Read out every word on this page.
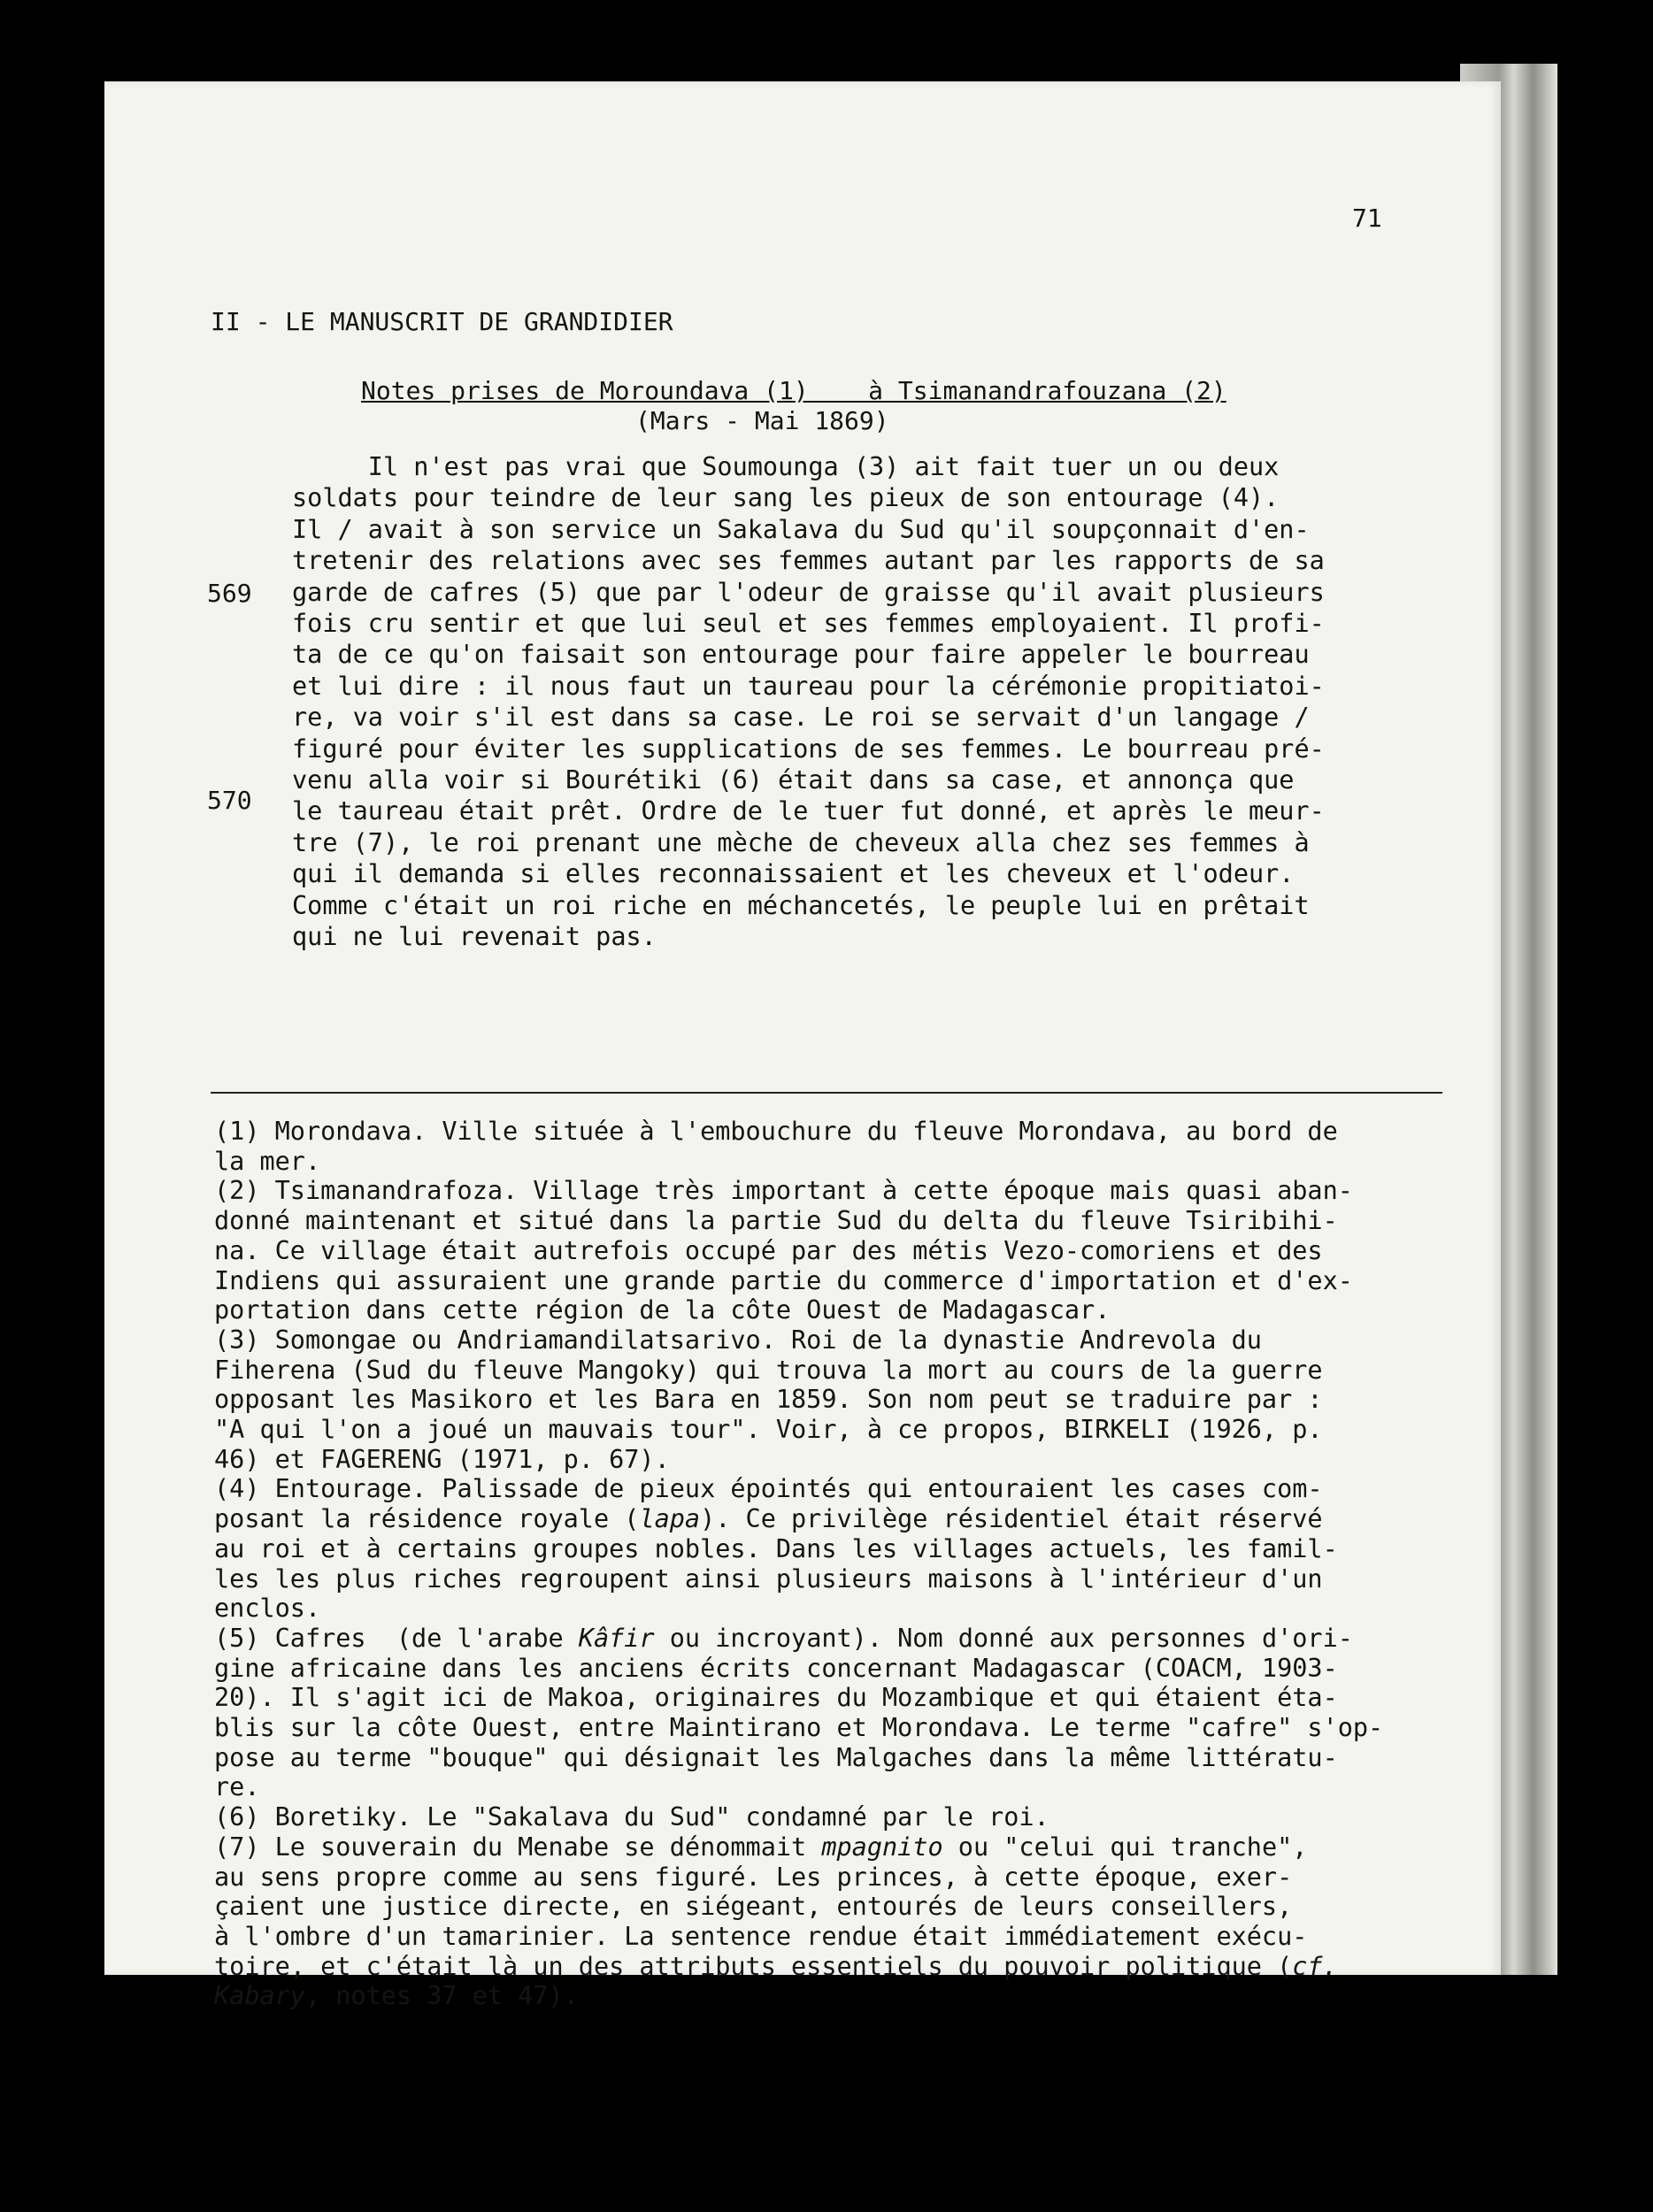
71
II - LE MANUSCRIT DE GRANDIDIER
Notes prises de Moroundava (1)    à Tsimanandrafouzana (2)
(Mars - Mai 1869)
569
570

Il n'est pas vrai que Soumounga (3) ait fait tuer un ou deux

soldats pour teindre de leur sang les pieux de son entourage (4).

Il / avait à son service un Sakalava du Sud qu'il soupçonnait d'en-

tretenir des relations avec ses femmes autant par les rapports de sa

garde de cafres (5) que par l'odeur de graisse qu'il avait plusieurs

fois cru sentir et que lui seul et ses femmes employaient. Il profi-

ta de ce qu'on faisait son entourage pour faire appeler le bourreau

et lui dire : il nous faut un taureau pour la cérémonie propitiatoi-

re, va voir s'il est dans sa case. Le roi se servait d'un langage /

figuré pour éviter les supplications de ses femmes. Le bourreau pré-

venu alla voir si Bourétiki (6) était dans sa case, et annonça que

le taureau était prêt. Ordre de le tuer fut donné, et après le meur-

tre (7), le roi prenant une mèche de cheveux alla chez ses femmes à

qui il demanda si elles reconnaissaient et les cheveux et l'odeur.

Comme c'était un roi riche en méchancetés, le peuple lui en prêtait

qui ne lui revenait pas.

(1) Morondava. Ville située à l'embouchure du fleuve Morondava, au bord de

la mer.

(2) Tsimanandrafoza. Village très important à cette époque mais quasi aban-

donné maintenant et situé dans la partie Sud du delta du fleuve Tsiribihi-

na. Ce village était autrefois occupé par des métis Vezo-comoriens et des

Indiens qui assuraient une grande partie du commerce d'importation et d'ex-

portation dans cette région de la côte Ouest de Madagascar.

(3) Somongae ou Andriamandilatsarivo. Roi de la dynastie Andrevola du

Fiherena (Sud du fleuve Mangoky) qui trouva la mort au cours de la guerre

opposant les Masikoro et les Bara en 1859. Son nom peut se traduire par :

"A qui l'on a joué un mauvais tour". Voir, à ce propos, BIRKELI (1926, p.

46) et FAGERENG (1971, p. 67).

(4) Entourage. Palissade de pieux épointés qui entouraient les cases com-

posant la résidence royale (lapa). Ce privilège résidentiel était réservé

au roi et à certains groupes nobles. Dans les villages actuels, les famil-

les les plus riches regroupent ainsi plusieurs maisons à l'intérieur d'un

enclos.

(5) Cafres  (de l'arabe Kâfir ou incroyant). Nom donné aux personnes d'ori-

gine africaine dans les anciens écrits concernant Madagascar (COACM, 1903-

20). Il s'agit ici de Makoa, originaires du Mozambique et qui étaient éta-

blis sur la côte Ouest, entre Maintirano et Morondava. Le terme "cafre" s'op-

pose au terme "bouque" qui désignait les Malgaches dans la même littératu-

re.

(6) Boretiky. Le "Sakalava du Sud" condamné par le roi.

(7) Le souverain du Menabe se dénommait mpagnito ou "celui qui tranche",

au sens propre comme au sens figuré. Les princes, à cette époque, exer-

çaient une justice directe, en siégeant, entourés de leurs conseillers,

à l'ombre d'un tamarinier. La sentence rendue était immédiatement exécu-

toire, et c'était là un des attributs essentiels du pouvoir politique (cf.

Kabary, notes 37 et 47).
